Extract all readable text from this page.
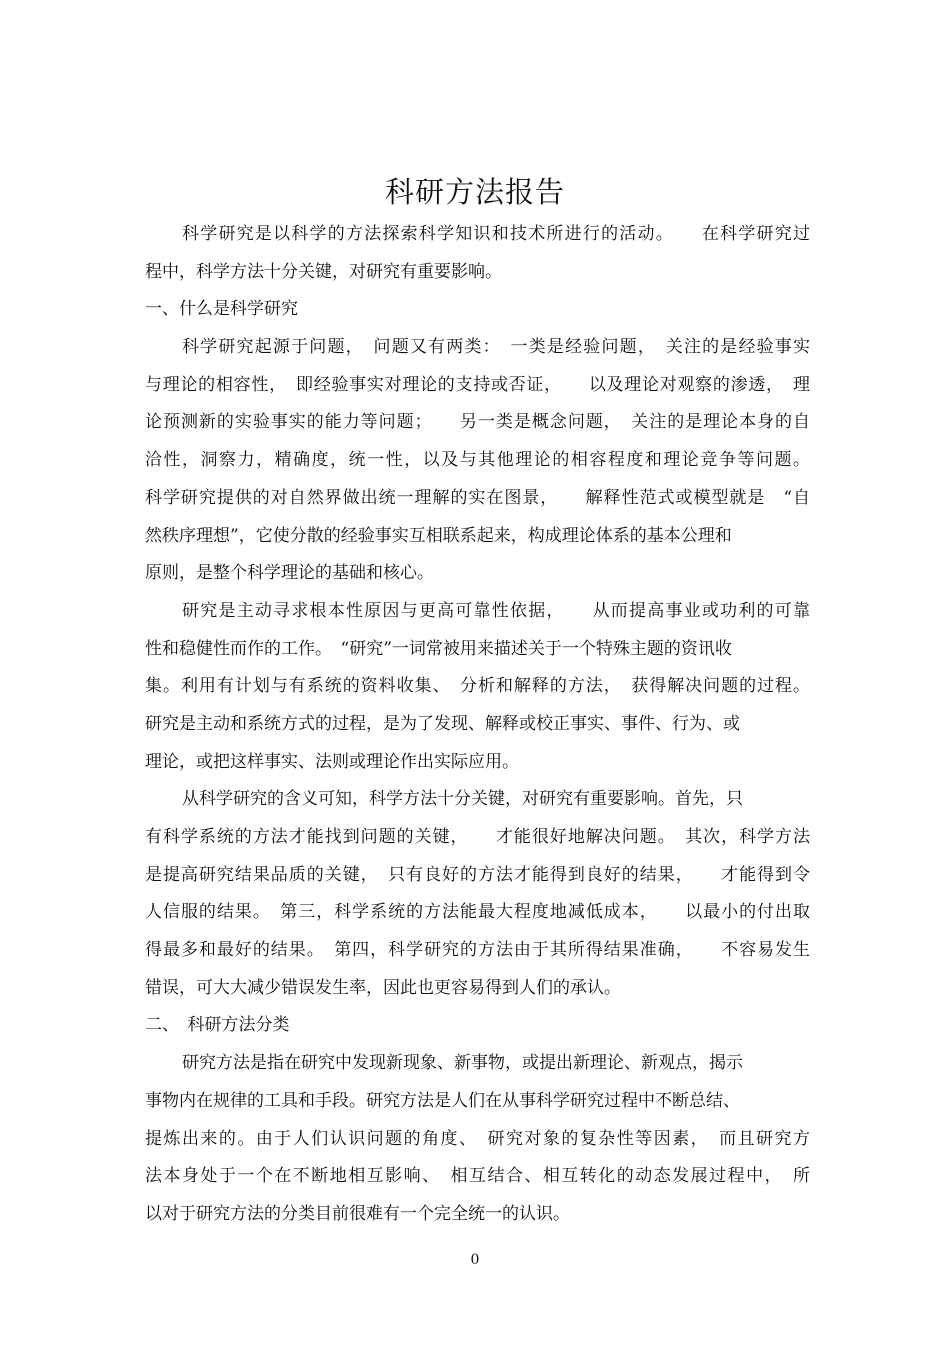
科研方法报告
科学研究是以科学的方法探索科学知识和技术所进行的活动。　　在科学研究过
程中，科学方法十分关键，对研究有重要影响。
一、什么是科学研究
科学研究起源于问题，　问题又有两类：　一类是经验问题，　关注的是经验事实
与理论的相容性，　即经验事实对理论的支持或否证，　　以及理论对观察的渗透，　理
论预测新的实验事实的能力等问题；　　另一类是概念问题，　关注的是理论本身的自
洽性，洞察力，精确度，统一性，以及与其他理论的相容程度和理论竞争等问题。
科学研究提供的对自然界做出统一理解的实在图景，　　解释性范式或模型就是　“自
然秩序理想”，它使分散的经验事实互相联系起来，构成理论体系的基本公理和
原则，是整个科学理论的基础和核心。
研究是主动寻求根本性原因与更高可靠性依据，　　从而提高事业或功利的可靠
性和稳健性而作的工作。　“研究”一词常被用来描述关于一个特殊主题的资讯收
集。利用有计划与有系统的资料收集、　分析和解释的方法，　获得解决问题的过程。
研究是主动和系统方式的过程，是为了发现、解释或校正事实、事件、行为、或
理论，或把这样事实、法则或理论作出实际应用。
从科学研究的含义可知，科学方法十分关键，对研究有重要影响。首先，只
有科学系统的方法才能找到问题的关键，　　才能很好地解决问题。　其次，科学方法
是提高研究结果品质的关键，　只有良好的方法才能得到良好的结果，　　才能得到令
人信服的结果。　第三，科学系统的方法能最大程度地减低成本，　　以最小的付出取
得最多和最好的结果。　第四，科学研究的方法由于其所得结果准确，　　不容易发生
错误，可大大减少错误发生率，因此也更容易得到人们的承认。
二、　科研方法分类
研究方法是指在研究中发现新现象、新事物，或提出新理论、新观点，揭示
事物内在规律的工具和手段。研究方法是人们在从事科学研究过程中不断总结、
提炼出来的。由于人们认识问题的角度、　研究对象的复杂性等因素，　而且研究方
法本身处于一个在不断地相互影响、　相互结合、相互转化的动态发展过程中，　所
以对于研究方法的分类目前很难有一个完全统一的认识。
0
